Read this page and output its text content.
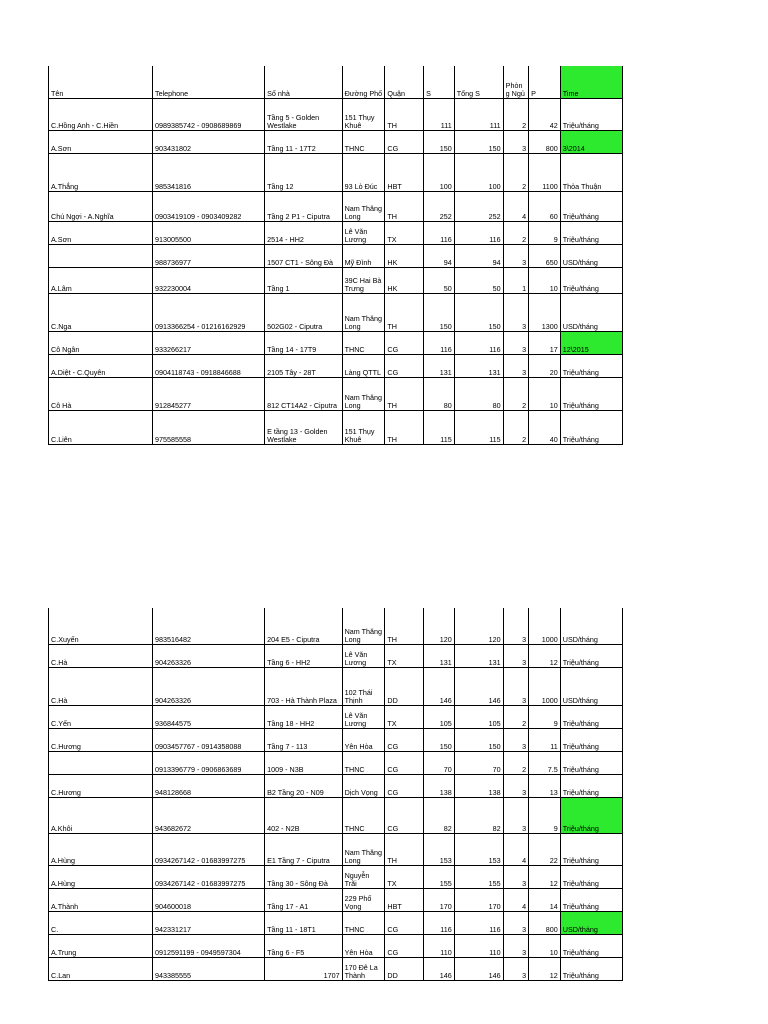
Tên	Telephone	Số nhà	Đường Phố	Quận	S	Tổng S	Phòn g Ngủ	P	Time
C.Hồng Anh - C.Hiền	0989385742 - 0908689869	Tầng 5 - Golden Westlake	151 Thụy Khuê	TH	111	111	2	42	Triệu/tháng
A.Sơn	903431802	Tầng 11 - 17T2	THNC	CG	150	150	3	800	3\2014
A.Thắng	985341816	Tầng 12	93 Lò Đúc	HBT	100	100	2	1100	Thỏa Thuận
Chú Ngợi - A.Nghĩa	0903419109 - 0903409282	Tầng 2 P1 - Ciputra	Nam Thăng Long	TH	252	252	4	60	Triệu/tháng
A.Sơn	913005500	2514 - HH2	Lê Văn Lương	TX	116	116	2	9	Triệu/tháng
	988736977	1507 CT1 - Sông Đà	Mỹ Đình	HK	94	94	3	650	USD/tháng
A.Lâm	932230004	Tầng 1	39C Hai Bà Trưng	HK	50	50	1	10	Triệu/tháng
C.Nga	0913366254 - 01216162929	502G02 - Ciputra	Nam Thăng Long	TH	150	150	3	1300	USD/tháng
Cô Ngân	933266217	Tầng 14 - 17T9	THNC	CG	116	116	3	17	12\2015
A.Diệt - C.Quyên	0904118743 - 0918846688	2105 Tây - 28T	Làng QTTL	CG	131	131	3	20	Triệu/tháng
Cô Hà	912845277	812 CT14A2 - Ciputra	Nam Thăng Long	TH	80	80	2	10	Triệu/tháng
C.Liên	975585558	E tầng 13 - Golden Westlake	151 Thụy Khuê	TH	115	115	2	40	Triệu/tháng
C.Xuyến	983516482	204 E5 - Ciputra	Nam Thăng Long	TH	120	120	3	1000	USD/tháng
C.Hà	904263326	Tầng 6 - HH2	Lê Văn Lương	TX	131	131	3	12	Triệu/tháng
C.Hà	904263326	703 - Hà Thành Plaza	102 Thái Thịnh	DD	146	146	3	1000	USD/tháng
C.Yến	936844575	Tầng 18 - HH2	Lê Văn Lương	TX	105	105	2	9	Triệu/tháng
C.Hương	0903457767 - 0914358088	Tầng 7 - 113	Yên Hòa	CG	150	150	3	11	Triệu/tháng
	0913396779 - 0906863689	1009 - N3B	THNC	CG	70	70	2	7.5	Triệu/tháng
C.Hương	948128668	B2 Tầng 20 - N09	Dịch Vọng	CG	138	138	3	13	Triệu/tháng
A.Khôi	943682672	402 - N2B	THNC	CG	82	82	3	9	Triệu/tháng
A.Hùng	0934267142 - 01683997275	E1 Tầng 7 - Ciputra	Nam Thăng Long	TH	153	153	4	22	Triệu/tháng
A.Hùng	0934267142 - 01683997275	Tầng 30 - Sông Đà	Nguyễn Trãi	TX	155	155	3	12	Triệu/tháng
A.Thành	904600018	Tầng 17 - A1	229 Phố Vọng	HBT	170	170	4	14	Triệu/tháng
C.	942331217	Tầng 11 - 18T1	THNC	CG	116	116	3	800	USD/tháng
A.Trung	0912591199 - 0949597304	Tầng 6 - F5	Yên Hòa	CG	110	110	3	10	Triệu/tháng
C.Lan	943385555	1707	170 Đê La Thành	DD	146	146	3	12	Triệu/tháng
